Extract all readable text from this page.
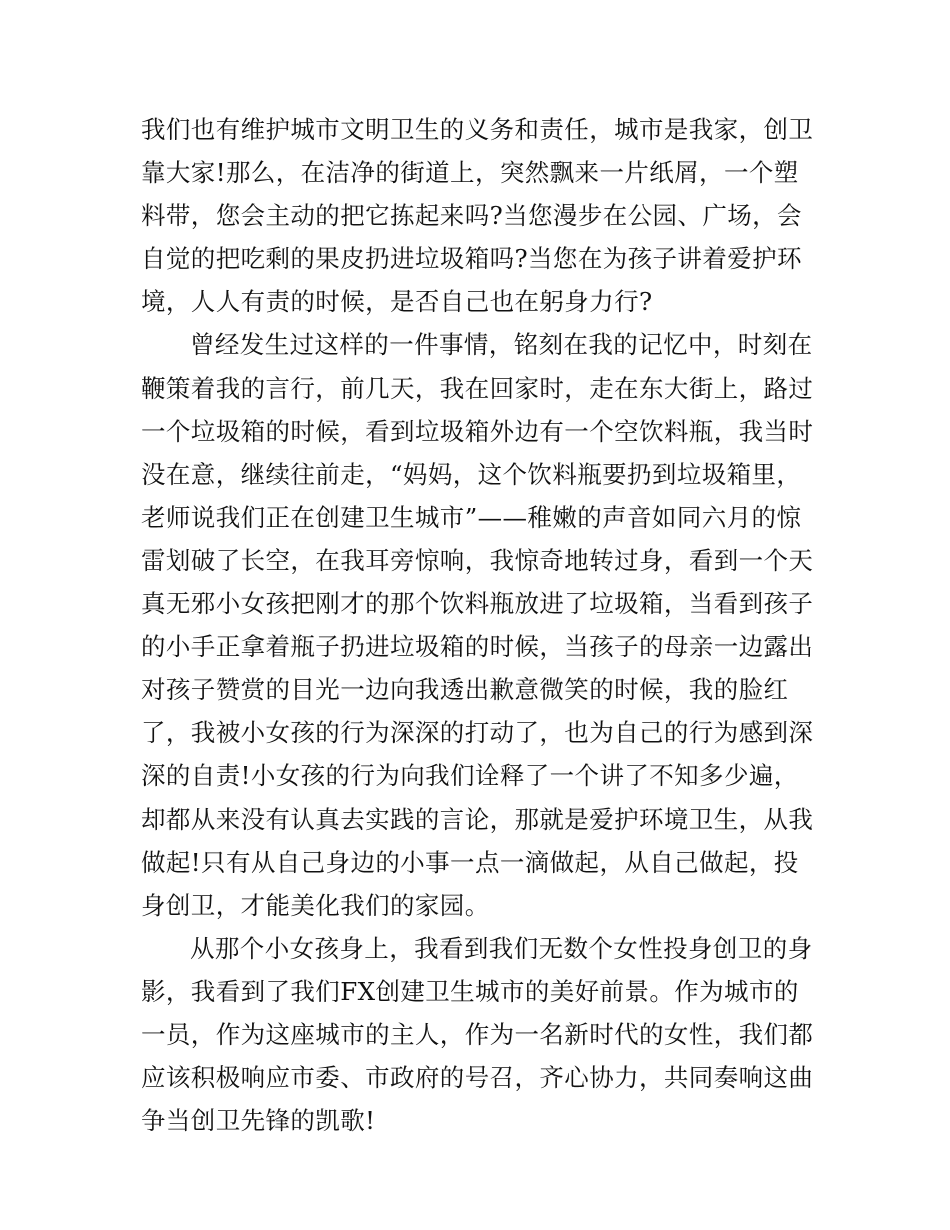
我们也有维护城市文明卫生的义务和责任，城市是我家，创卫
靠大家!那么，在洁净的街道上，突然飘来一片纸屑，一个塑
料带，您会主动的把它拣起来吗?当您漫步在公园、广场，会
自觉的把吃剩的果皮扔进垃圾箱吗?当您在为孩子讲着爱护环
境，人人有责的时候，是否自己也在躬身力行?
曾经发生过这样的一件事情，铭刻在我的记忆中，时刻在
鞭策着我的言行，前几天，我在回家时，走在东大街上，路过
一个垃圾箱的时候，看到垃圾箱外边有一个空饮料瓶，我当时
没在意，继续往前走，“妈妈，这个饮料瓶要扔到垃圾箱里，
老师说我们正在创建卫生城市”——稚嫩的声音如同六月的惊
雷划破了长空，在我耳旁惊响，我惊奇地转过身，看到一个天
真无邪小女孩把刚才的那个饮料瓶放进了垃圾箱，当看到孩子
的小手正拿着瓶子扔进垃圾箱的时候，当孩子的母亲一边露出
对孩子赞赏的目光一边向我透出歉意微笑的时候，我的脸红
了，我被小女孩的行为深深的打动了，也为自己的行为感到深
深的自责!小女孩的行为向我们诠释了一个讲了不知多少遍，
却都从来没有认真去实践的言论，那就是爱护环境卫生，从我
做起!只有从自己身边的小事一点一滴做起，从自己做起，投
身创卫，才能美化我们的家园。
从那个小女孩身上，我看到我们无数个女性投身创卫的身
影，我看到了我们FX创建卫生城市的美好前景。作为城市的
一员，作为这座城市的主人，作为一名新时代的女性，我们都
应该积极响应市委、市政府的号召，齐心协力，共同奏响这曲
争当创卫先锋的凯歌!
